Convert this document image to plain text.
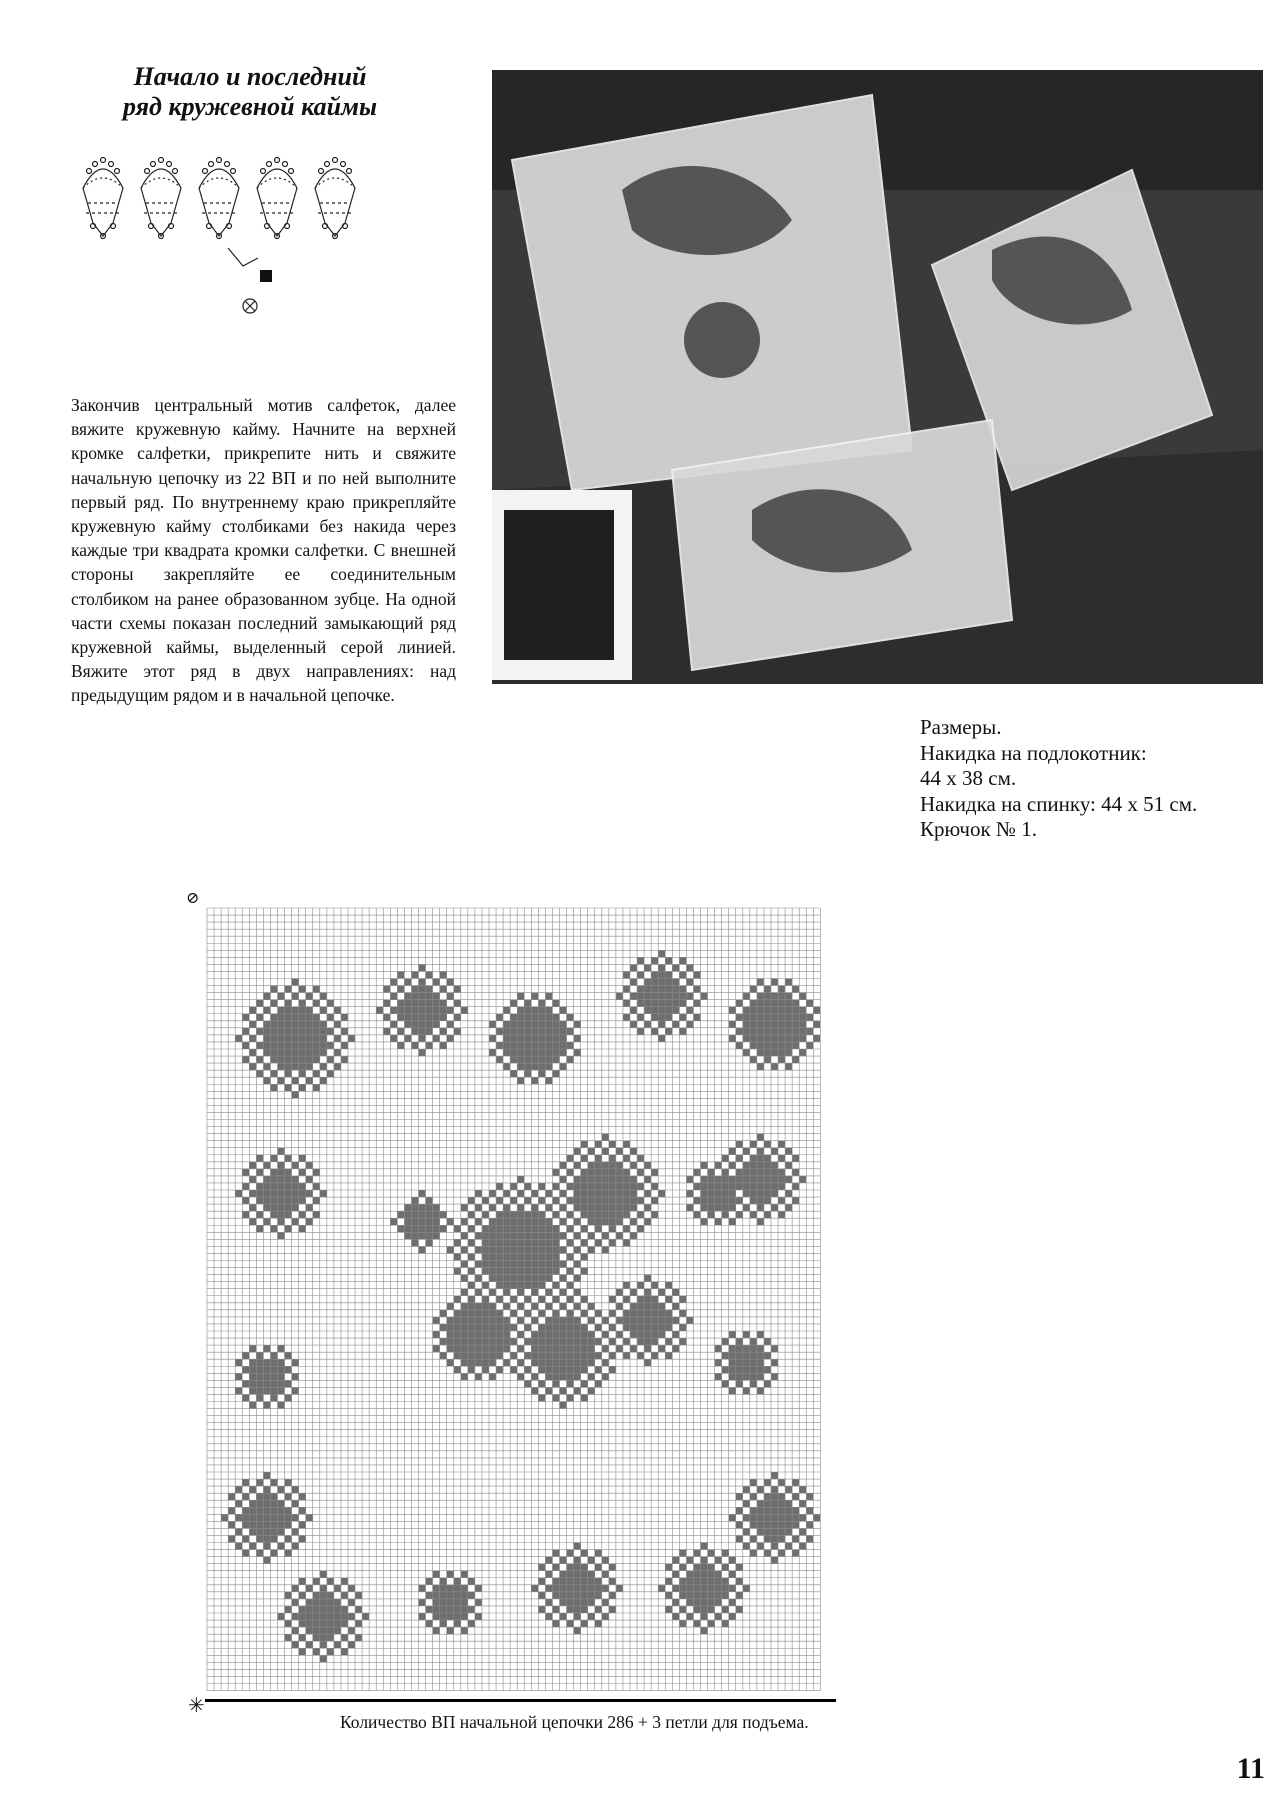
Начало и последний
ряд кружевной каймы

Закончив центральный мотив салфеток, далее вяжите кружевную кайму. Начните на верхней кромке салфетки, прикрепите нить и свяжите начальную цепочку из 22 ВП и по ней выполните первый ряд. По внутреннему краю прикрепляйте кружевную кайму столбиками без накида через каждые три квадрата кромки салфетки. С внешней стороны закрепляйте ее соединительным столбиком на ранее образованном зубце. На одной части схемы показан последний замыкающий ряд кружевной каймы, выделенный серой линией. Вяжите этот ряд в двух направлениях: над предыдущим рядом и в начальной цепочке.

Размеры.
Накидка на подлокотник:
44 х 38 см.
Накидка на спинку: 44 х 51 см.
Крючок № 1.
⊘
✳
Количество ВП начальной цепочки 286 + 3 петли для подъема.
11
